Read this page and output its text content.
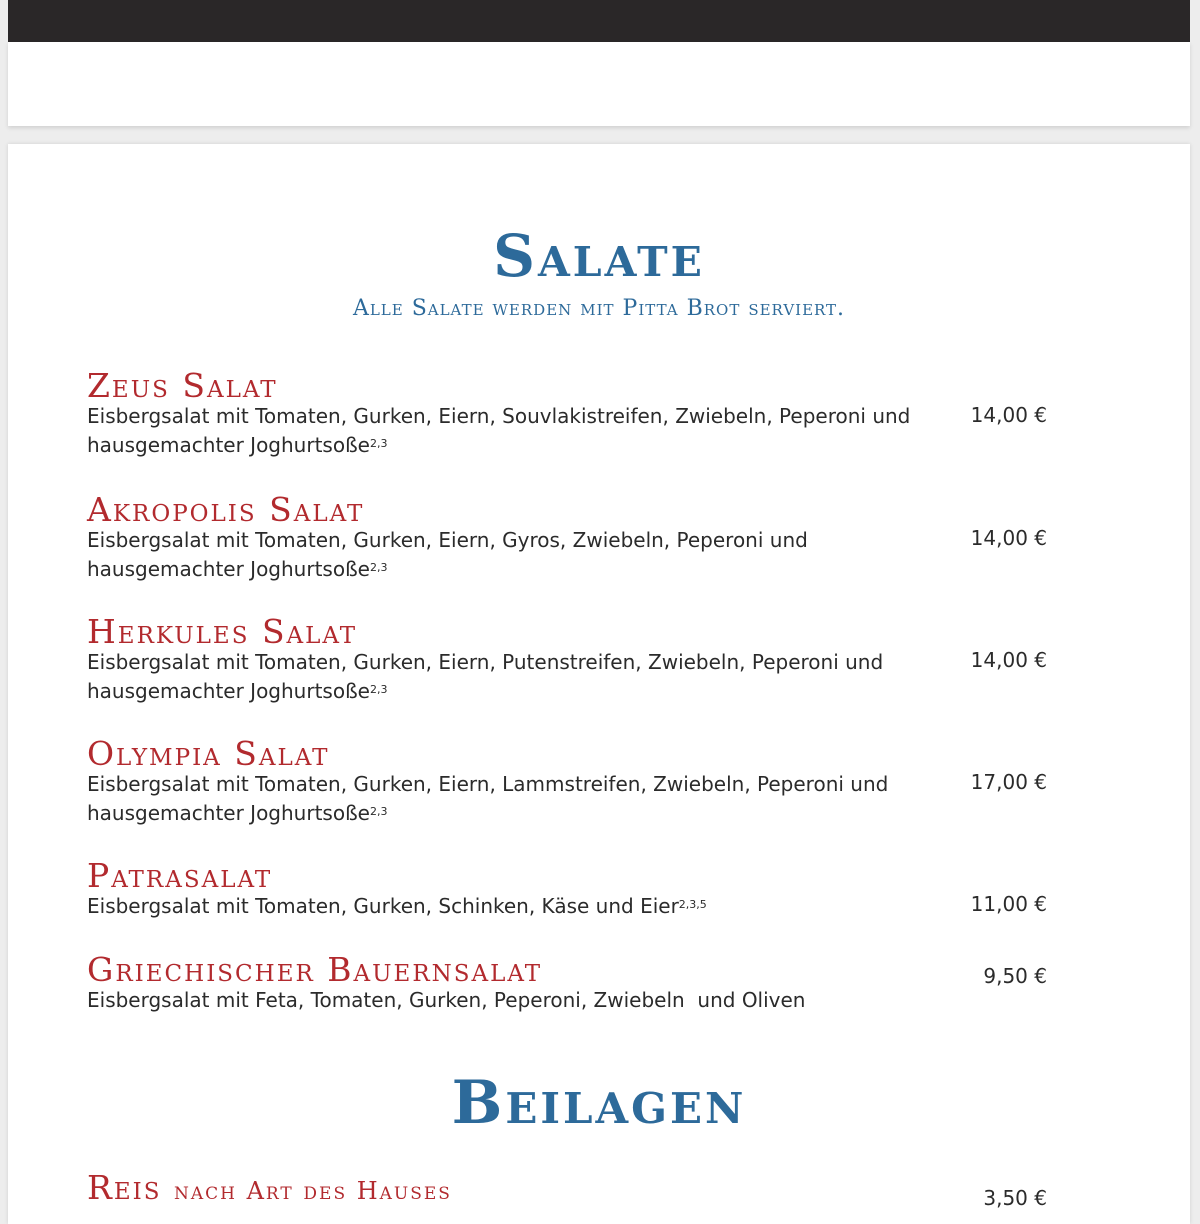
Salate
Alle Salate werden mit Pitta Brot serviert.
Zeus Salat
Eisbergsalat mit Tomaten, Gurken, Eiern, Souvlakistreifen, Zwiebeln, Peperoni und hausgemachter Joghurtsoße$^{2,3}$
14,00 €
Akropolis Salat
Eisbergsalat mit Tomaten, Gurken, Eiern, Gyros, Zwiebeln, Peperoni und hausgemachter Joghurtsoße$^{2,3}$
14,00 €
Herkules Salat
Eisbergsalat mit Tomaten, Gurken, Eiern, Putenstreifen, Zwiebeln, Peperoni und hausgemachter Joghurtsoße$^{2,3}$
14,00 €
Olympia Salat
Eisbergsalat mit Tomaten, Gurken, Eiern, Lammstreifen, Zwiebeln, Peperoni und hausgemachter Joghurtsoße$^{2,3}$
17,00 €
Patrasalat
Eisbergsalat mit Tomaten, Gurken, Schinken, Käse und Eier$^{2,3,5}$	11,00 €
Griechischer Bauernsalat
Eisbergsalat mit Feta, Tomaten, Gurken, Peperoni, Zwiebeln  und Oliven
9,50 €
Beilagen
Reis nach Art des Hauses	3,50 €
